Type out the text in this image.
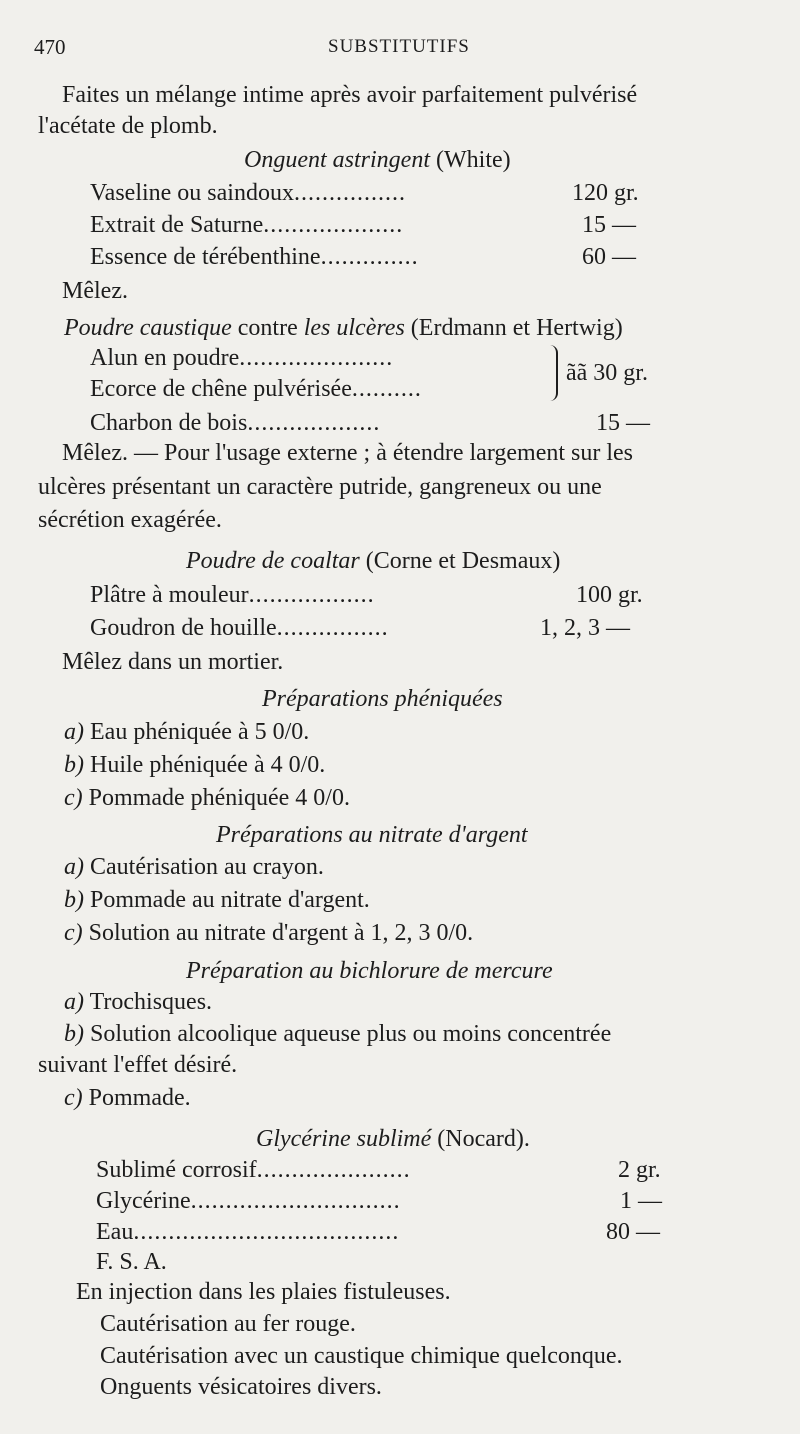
470	SUBSTITUTIFS
Faites un mélange intime après avoir parfaitement pulvérisé
l'acétate de plomb.
Onguent astringent (White)
Vaseline ou saindoux................	120 gr.
Extrait de Saturne....................	15 —
Essence de térébenthine..............	60 —
Mêlez.
Poudre caustique contre les ulcères (Erdmann et Hertwig)
Alun en poudre......................
Ecorce de chêne pulvérisée..........
ãã 30 gr.
Charbon de bois...................	15 —
Mêlez. — Pour l'usage externe ; à étendre largement sur les
ulcères présentant un caractère putride, gangreneux ou une
sécrétion exagérée.
Poudre de coaltar (Corne et Desmaux)
Plâtre à mouleur..................	100 gr.
Goudron de houille................	1, 2, 3 —
Mêlez dans un mortier.
Préparations phéniquées
a) Eau phéniquée à 5 0/0.
b) Huile phéniquée à 4 0/0.
c) Pommade phéniquée 4 0/0.
Préparations au nitrate d'argent
a) Cautérisation au crayon.
b) Pommade au nitrate d'argent.
c) Solution au nitrate d'argent à 1, 2, 3 0/0.
Préparation au bichlorure de mercure
a) Trochisques.
b) Solution alcoolique aqueuse plus ou moins concentrée
suivant l'effet désiré.
c) Pommade.
Glycérine sublimé (Nocard).
Sublimé corrosif......................	2 gr.
Glycérine..............................	1 —
Eau......................................	80 —
F. S. A.
En injection dans les plaies fistuleuses.
Cautérisation au fer rouge.
Cautérisation avec un caustique chimique quelconque.
Onguents vésicatoires divers.
